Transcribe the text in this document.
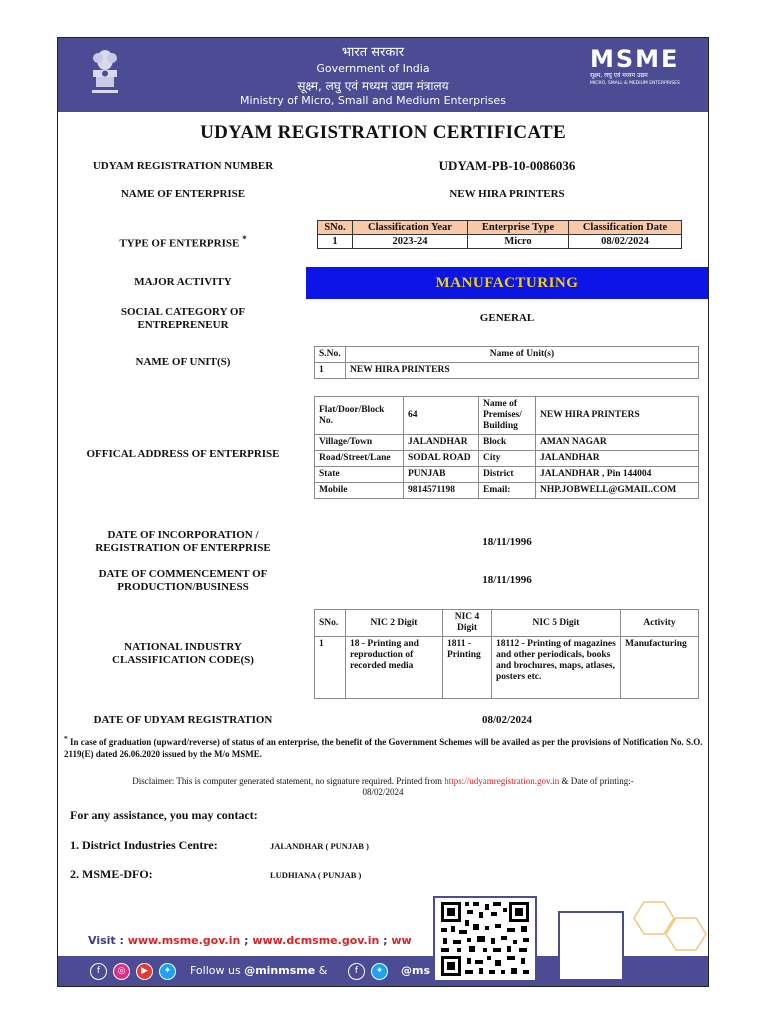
भारत सरकार
Government of India
सूक्ष्म, लघु एवं मध्यम उद्यम मंत्रालय
Ministry of Micro, Small and Medium Enterprises
MSME
सूक्ष्म, लघु एवं मध्यम उद्यम
MICRO, SMALL & MEDIUM ENTERPRISES
UDYAM REGISTRATION CERTIFICATE
UDYAM REGISTRATION NUMBER	UDYAM-PB-10-0086036
NAME OF ENTERPRISE	NEW HIRA PRINTERS
TYPE OF ENTERPRISE *
SNo.	Classification Year	Enterprise Type	Classification Date
1	2023-24	Micro	08/02/2024
MAJOR ACTIVITY	MANUFACTURING
SOCIAL CATEGORY OF
ENTREPRENEUR
GENERAL
NAME OF UNIT(S)
S.No.	Name of Unit(s)
1	NEW HIRA PRINTERS
OFFICAL ADDRESS OF ENTERPRISE
Flat/Door/Block No.	64	Name of Premises/ Building	NEW HIRA PRINTERS
Village/Town	JALANDHAR	Block	AMAN NAGAR
Road/Street/Lane	SODAL ROAD	City	JALANDHAR
State	PUNJAB	District	JALANDHAR , Pin 144004
Mobile	9814571198	Email:	NHP.JOBWELL@GMAIL.COM
DATE OF INCORPORATION /
REGISTRATION OF ENTERPRISE	18/11/1996
DATE OF COMMENCEMENT OF
PRODUCTION/BUSINESS
18/11/1996
NATIONAL INDUSTRY
CLASSIFICATION CODE(S)
SNo.	NIC 2 Digit	NIC 4 Digit	NIC 5 Digit	Activity
1	18 - Printing and reproduction of recorded media	1811 - Printing	18112 - Printing of magazines and other periodicals, books and brochures, maps, atlases, posters etc.	Manufacturing
DATE OF UDYAM REGISTRATION	08/02/2024
* In case of graduation (upward/reverse) of status of an enterprise, the benefit of the Government Schemes will be availed as per the provisions of Notification No. S.O. 2119(E) dated 26.06.2020 issued by the M/o MSME.
Disclaimer: This is computer generated statement, no signature required. Printed from https://udyamregistration.gov.in & Date of printing:-
08/02/2024
For any assistance, you may contact:
1. District Industries Centre:	JALANDHAR ( PUNJAB )
2. MSME-DFO:	LUDHIANA ( PUNJAB )
Visit : www.msme.gov.in ; www.dcmsme.gov.in ; ww
f	◎	▶	✦	Follow us @minmsme &	f	✦	@ms
